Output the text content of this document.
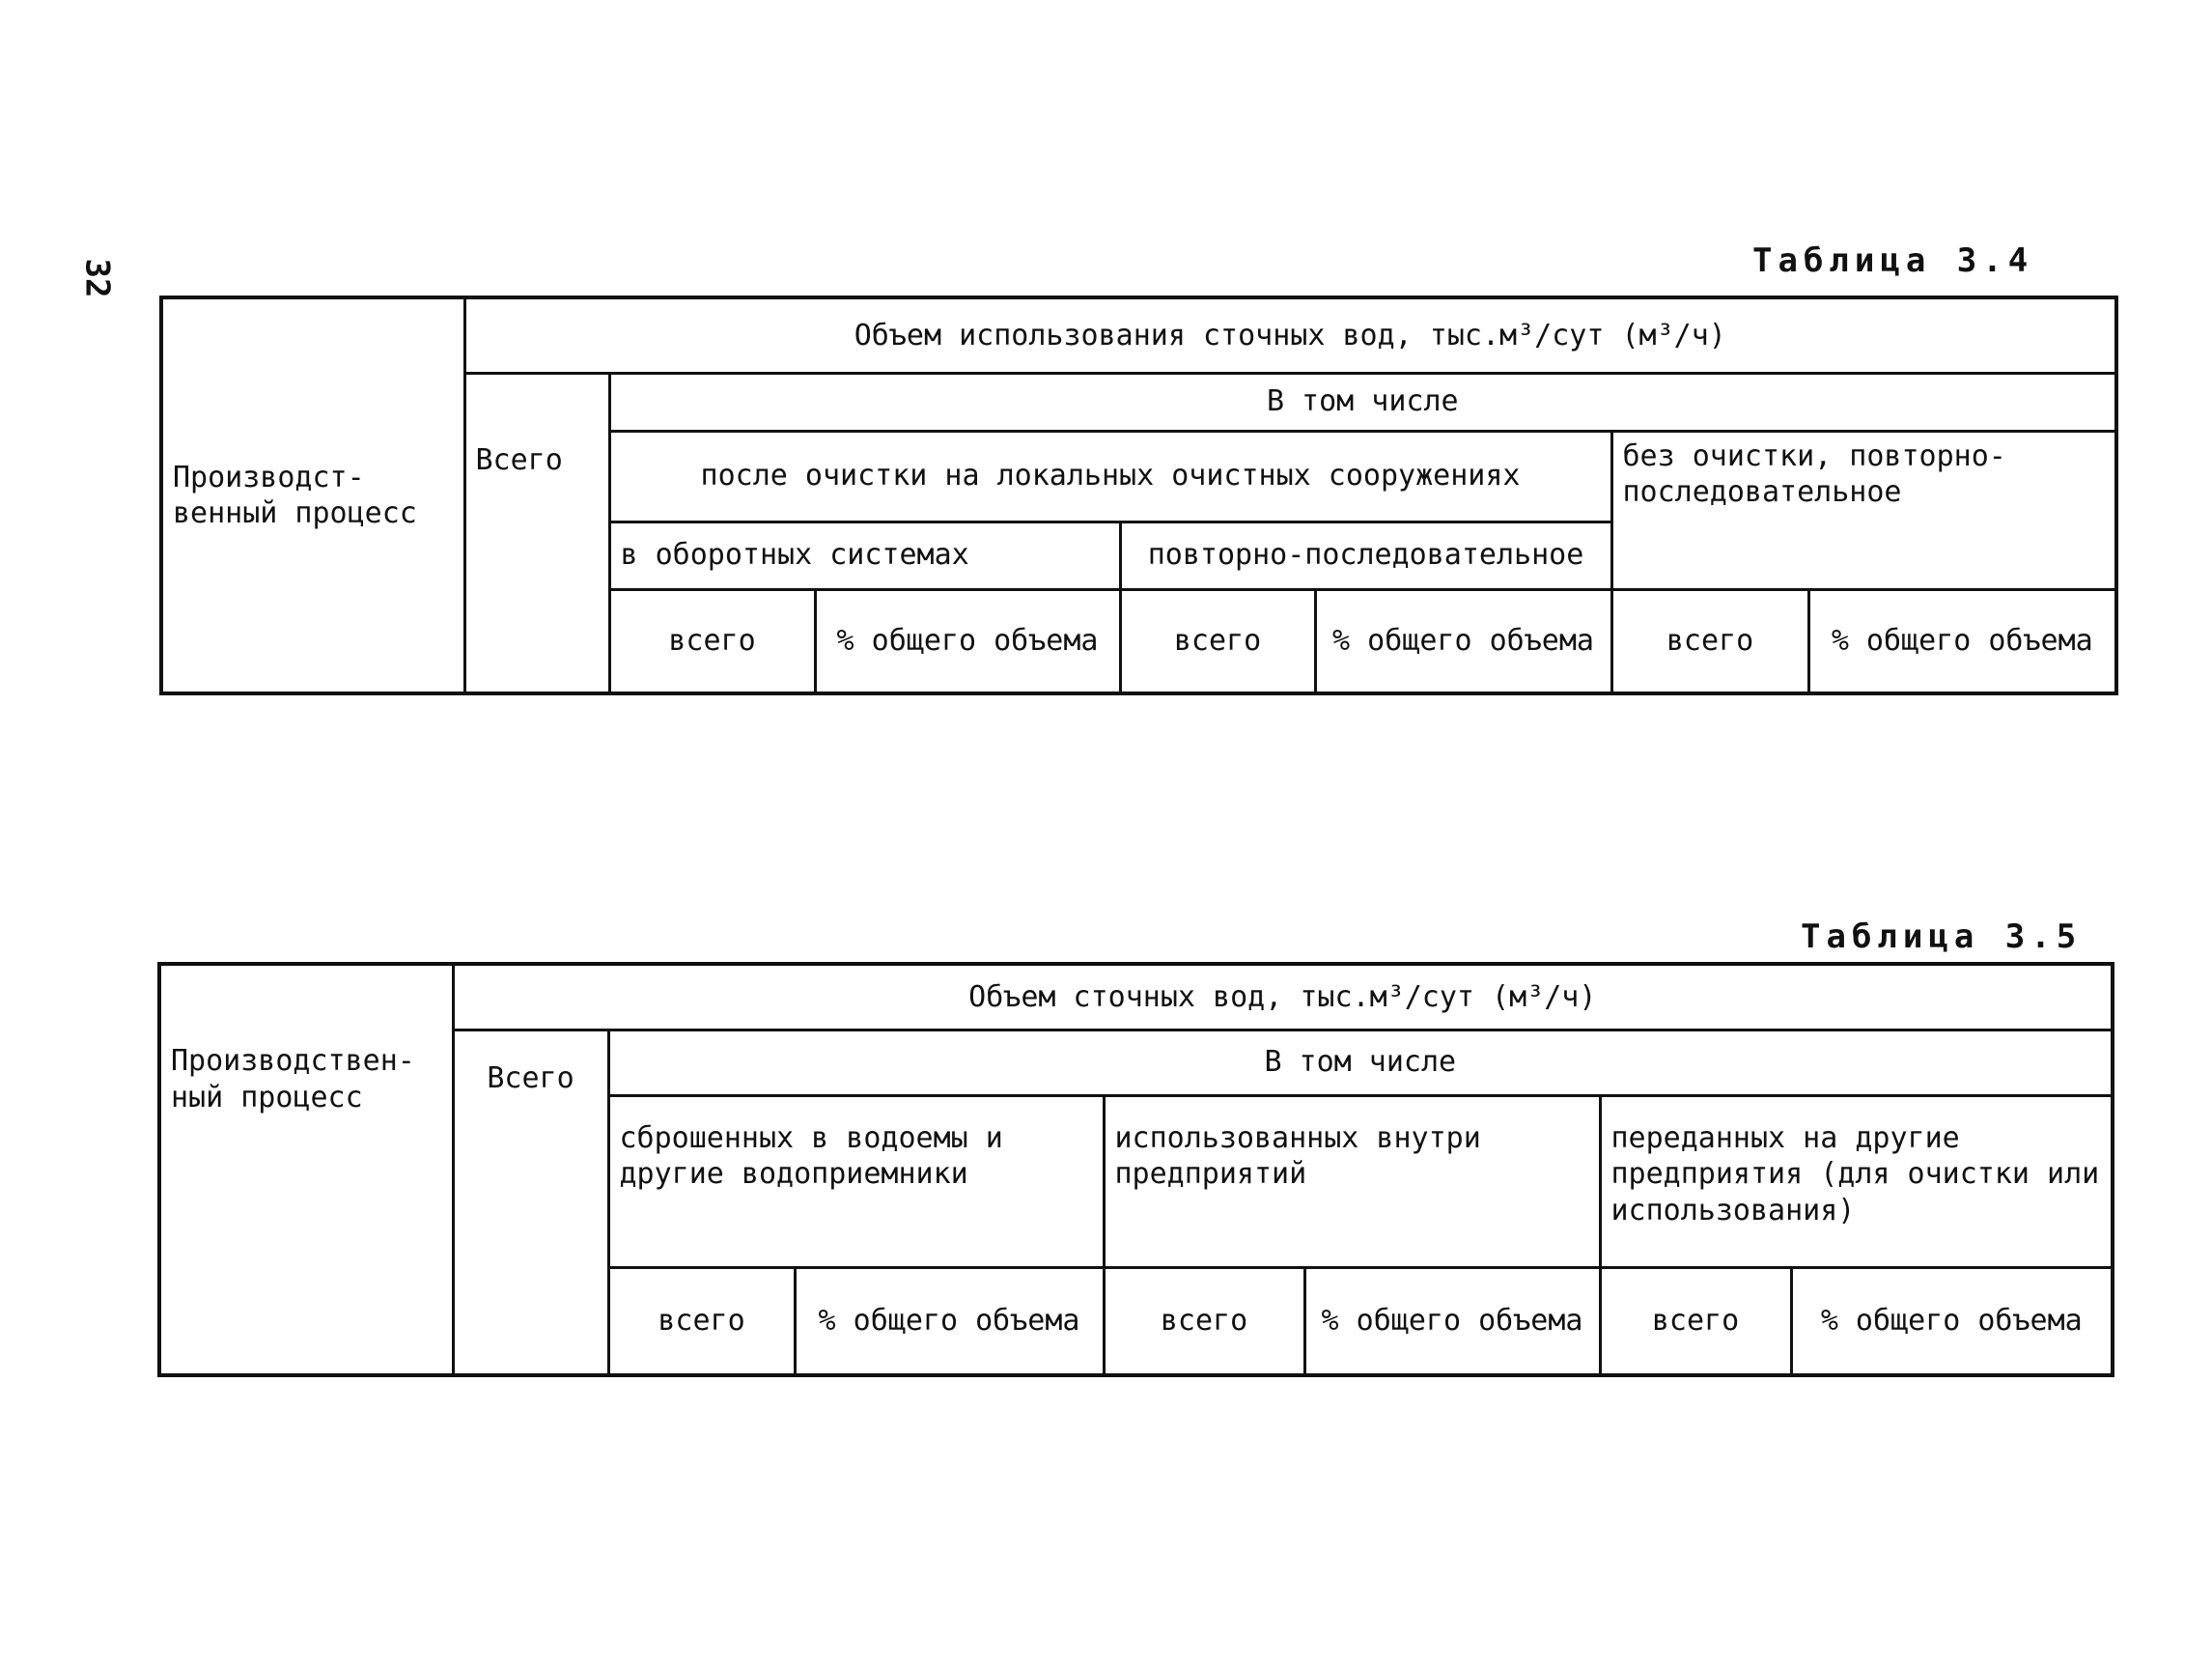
32	Таблица 3.4
Производст- венный процесс	Объем использования сточных вод, тыс.м³/сут (м³/ч)						
	Всего	В том числе					
		после очистки на локальных очистных сооружениях				без очистки, повторно- последовательное	
		в оборотных системах		повторно-последовательное			
		всего	% общего объема	всего	% общего объема	всего	% общего объема
Таблица 3.5
Производствен- ный процесс	Объем сточных вод, тыс.м³/сут (м³/ч)						
	Всего	В том числе					
		сброшенных в водоемы и другие водоприемники		использованных внутри предприятий		переданных на другие предприятия (для очистки или использования)	
		всего	% общего объема	всего	% общего объема	всего	% общего объема
